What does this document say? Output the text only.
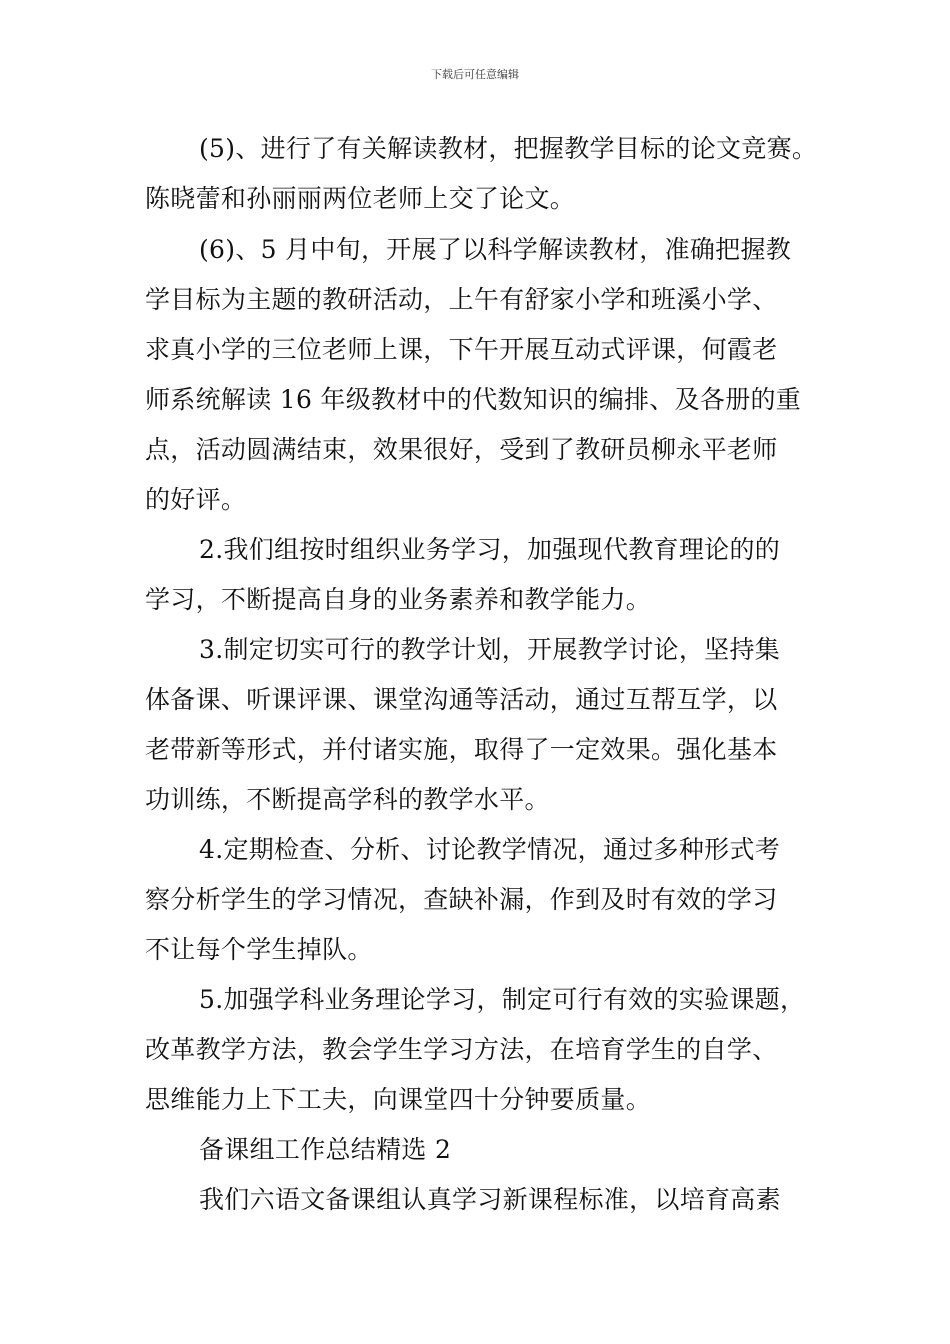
下载后可任意编辑
(5)、进行了有关解读教材，把握教学目标的论文竞赛。
陈晓蕾和孙丽丽两位老师上交了论文。
(6)、5 月中旬，开展了以科学解读教材，准确把握教
学目标为主题的教研活动，上午有舒家小学和班溪小学、
求真小学的三位老师上课，下午开展互动式评课，何霞老
师系统解读 16 年级教材中的代数知识的编排、及各册的重
点，活动圆满结束，效果很好，受到了教研员柳永平老师
的好评。
2.我们组按时组织业务学习，加强现代教育理论的的
学习，不断提高自身的业务素养和教学能力。
3.制定切实可行的教学计划，开展教学讨论，坚持集
体备课、听课评课、课堂沟通等活动，通过互帮互学，以
老带新等形式，并付诸实施，取得了一定效果。强化基本
功训练，不断提高学科的教学水平。
4.定期检查、分析、讨论教学情况，通过多种形式考
察分析学生的学习情况，查缺补漏，作到及时有效的学习
不让每个学生掉队。
5.加强学科业务理论学习，制定可行有效的实验课题，
改革教学方法，教会学生学习方法，在培育学生的自学、
思维能力上下工夫，向课堂四十分钟要质量。
备课组工作总结精选 2
我们六语文备课组认真学习新课程标准，以培育高素
